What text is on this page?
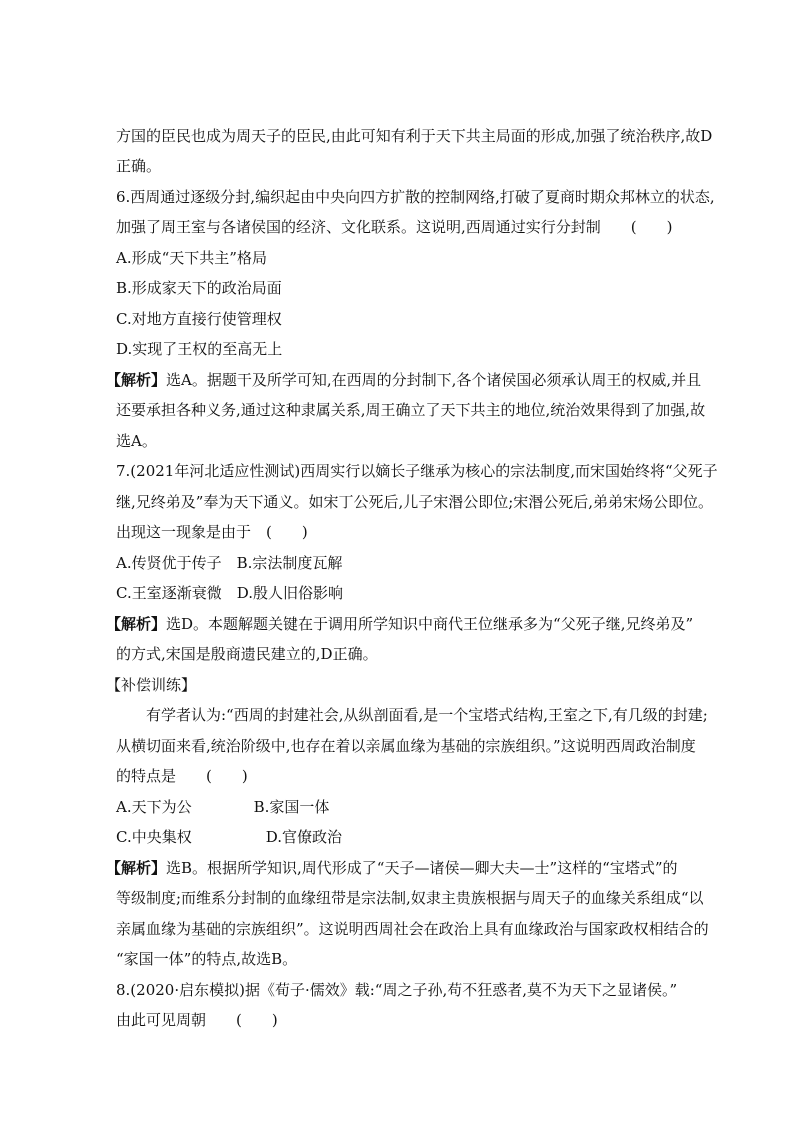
方国的臣民也成为周天子的臣民,由此可知有利于天下共主局面的形成,加强了统治秩序,故D
正确。
6.西周通过逐级分封,编织起由中央向四方扩散的控制网络,打破了夏商时期众邦林立的状态,
加强了周王室与各诸侯国的经济、文化联系。这说明,西周通过实行分封制　　(　　)
A.形成“天下共主”格局
B.形成家天下的政治局面
C.对地方直接行使管理权
D.实现了王权的至高无上
【解析】选A。据题干及所学可知,在西周的分封制下,各个诸侯国必须承认周王的权威,并且
还要承担各种义务,通过这种隶属关系,周王确立了天下共主的地位,统治效果得到了加强,故
选A。
7.(2021年河北适应性测试)西周实行以嫡长子继承为核心的宗法制度,而宋国始终将“父死子
继,兄终弟及”奉为天下通义。如宋丁公死后,儿子宋湣公即位;宋湣公死后,弟弟宋炀公即位。
出现这一现象是由于　(　　)
A.传贤优于传子　B.宗法制度瓦解
C.王室逐渐衰微　D.殷人旧俗影响
【解析】选D。本题解题关键在于调用所学知识中商代王位继承多为“父死子继,兄终弟及”
的方式,宋国是殷商遗民建立的,D正确。
【补偿训练】
有学者认为:“西周的封建社会,从纵剖面看,是一个宝塔式结构,王室之下,有几级的封建;
从横切面来看,统治阶级中,也存在着以亲属血缘为基础的宗族组织。”这说明西周政治制度
的特点是　　(　　)
A.天下为公	B.家国一体
C.中央集权	D.官僚政治
【解析】选B。根据所学知识,周代形成了“天子—诸侯—卿大夫—士”这样的“宝塔式”的
等级制度;而维系分封制的血缘纽带是宗法制,奴隶主贵族根据与周天子的血缘关系组成“以
亲属血缘为基础的宗族组织”。这说明西周社会在政治上具有血缘政治与国家政权相结合的
“家国一体”的特点,故选B。
8.(2020·启东模拟)据《荀子·儒效》载:“周之子孙,苟不狂惑者,莫不为天下之显诸侯。”
由此可见周朝　　(　　)
